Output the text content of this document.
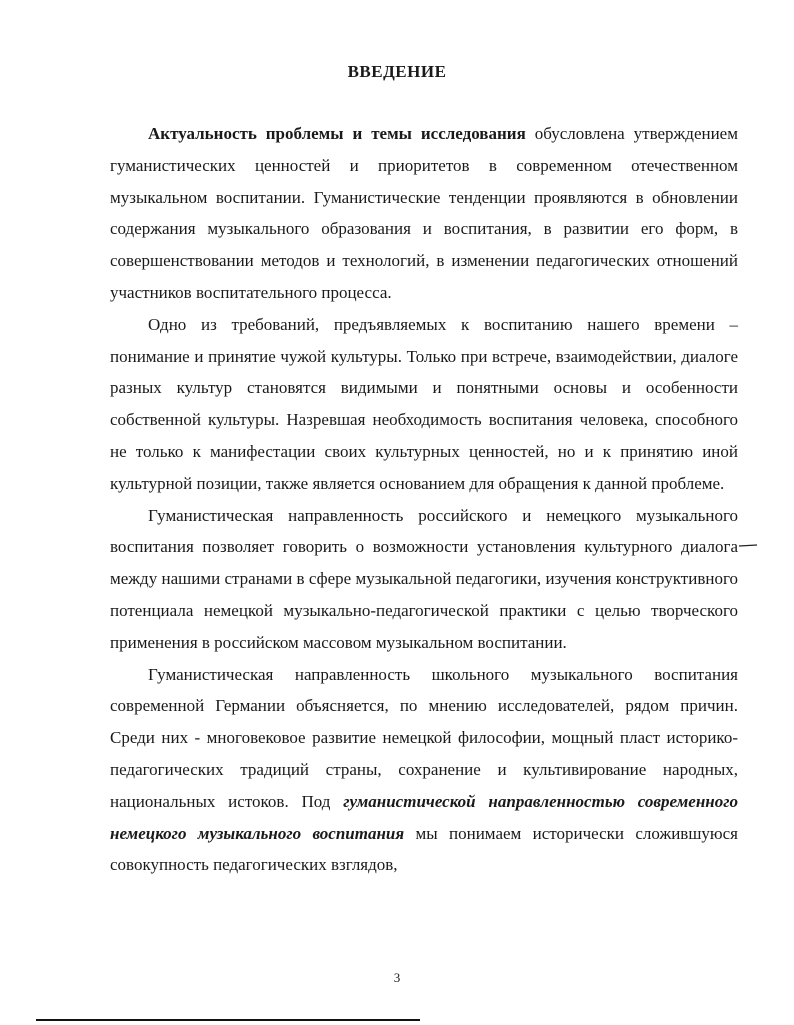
ВВЕДЕНИЕ

Актуальность проблемы и темы исследования обусловлена утверждением гуманистических ценностей и приоритетов в современном отечественном музыкальном воспитании. Гуманистические тенденции проявляются в обновлении содержания музыкального образования и воспитания, в развитии его форм, в совершенствовании методов и технологий, в изменении педагогических отношений участников воспитательного процесса.

Одно из требований, предъявляемых к воспитанию нашего времени – понимание и принятие чужой культуры. Только при встрече, взаимодействии, диалоге разных культур становятся видимыми и понятными основы и особенности собственной культуры. Назревшая необходимость воспитания человека, способного не только к манифестации своих культурных ценностей, но и к принятию иной культурной позиции, также является основанием для обращения к данной проблеме.

Гуманистическая направленность российского и немецкого музыкального воспитания позволяет говорить о возможности установления культурного диалога между нашими странами в сфере музыкальной педагогики, изучения конструктивного потенциала немецкой музыкально-педагогической практики с целью творческого применения в российском массовом музыкальном воспитании.

Гуманистическая направленность школьного музыкального воспитания современной Германии объясняется, по мнению исследователей, рядом причин. Среди них - многовековое развитие немецкой философии, мощный пласт историко-педагогических традиций страны, сохранение и культивирование народных, национальных истоков. Под гуманистической направленностью современного немецкого музыкального воспитания мы понимаем исторически сложившуюся совокупность педагогических взглядов,

3
